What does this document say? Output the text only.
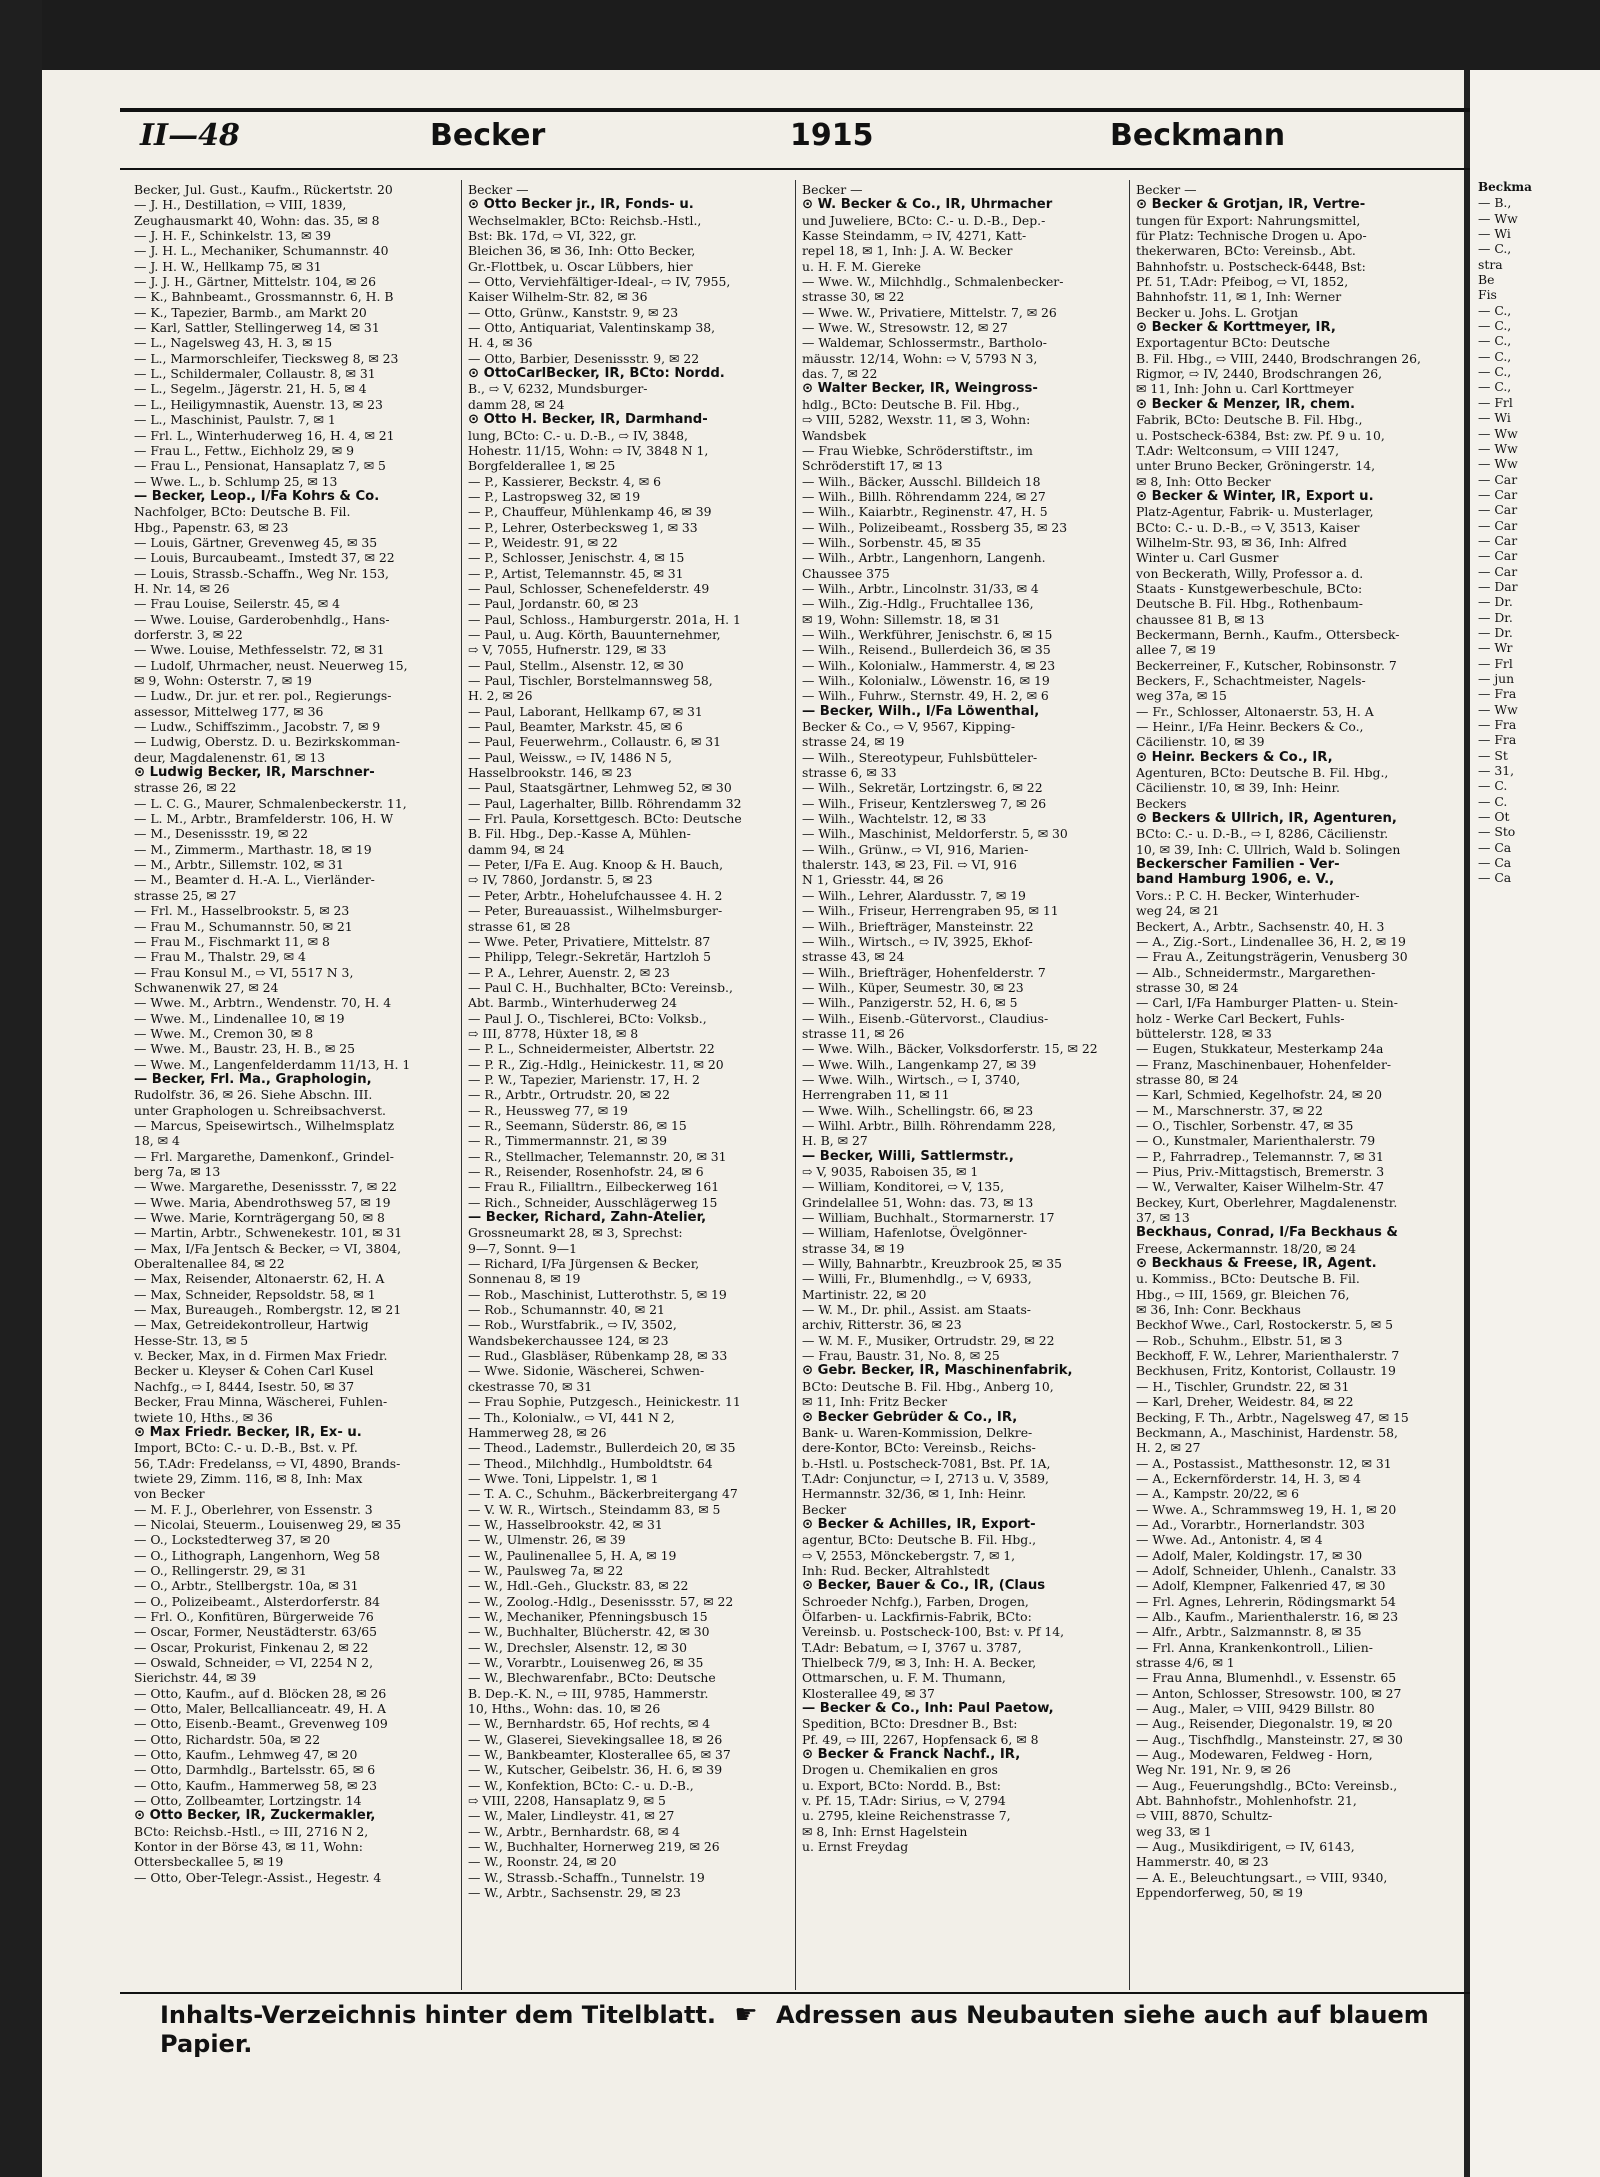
II—48	Becker	1915	Beckmann
Becker, Jul. Gust., Kaufm., Rückertstr. 20
— J. H., Destillation, ⇨ VIII, 1839,
Zeughausmarkt 40, Wohn: das. 35, ✉ 8
— J. H. F., Schinkelstr. 13, ✉ 39
— J. H. L., Mechaniker, Schumannstr. 40
— J. H. W., Hellkamp 75, ✉ 31
— J. J. H., Gärtner, Mittelstr. 104, ✉ 26
— K., Bahnbeamt., Grossmannstr. 6, H. B
— K., Tapezier, Barmb., am Markt 20
— Karl, Sattler, Stellingerweg 14, ✉ 31
— L., Nagelsweg 43, H. 3, ✉ 15
— L., Marmorschleifer, Tiecksweg 8, ✉ 23
— L., Schildermaler, Collaustr. 8, ✉ 31
— L., Segelm., Jägerstr. 21, H. 5, ✉ 4
— L., Heiligymnastik, Auenstr. 13, ✉ 23
— L., Maschinist, Paulstr. 7, ✉ 1
— Frl. L., Winterhuderweg 16, H. 4, ✉ 21
— Frau L., Fettw., Eichholz 29, ✉ 9
— Frau L., Pensionat, Hansaplatz 7, ✉ 5
— Wwe. L., b. Schlump 25, ✉ 13
— Becker, Leop., I/Fa Kohrs & Co.
Nachfolger, BCto: Deutsche B. Fil.
Hbg., Papenstr. 63, ✉ 23
— Louis, Gärtner, Grevenweg 45, ✉ 35
— Louis, Burcaubeamt., Imstedt 37, ✉ 22
— Louis, Strassb.-Schaffn., Weg Nr. 153,
H. Nr. 14, ✉ 26
— Frau Louise, Seilerstr. 45, ✉ 4
— Wwe. Louise, Garderobenhdlg., Hans-
dorferstr. 3, ✉ 22
— Wwe. Louise, Methfesselstr. 72, ✉ 31
— Ludolf, Uhrmacher, neust. Neuerweg 15,
✉ 9, Wohn: Osterstr. 7, ✉ 19
— Ludw., Dr. jur. et rer. pol., Regierungs-
assessor, Mittelweg 177, ✉ 36
— Ludw., Schiffszimm., Jacobstr. 7, ✉ 9
— Ludwig, Oberstz. D. u. Bezirkskomman-
deur, Magdalenenstr. 61, ✉ 13
⊙ Ludwig Becker, IR, Marschner-
strasse 26, ✉ 22
— L. C. G., Maurer, Schmalenbeckerstr. 11,
— L. M., Arbtr., Bramfelderstr. 106, H. W
— M., Desenissstr. 19, ✉ 22
— M., Zimmerm., Marthastr. 18, ✉ 19
— M., Arbtr., Sillemstr. 102, ✉ 31
— M., Beamter d. H.-A. L., Vierländer-
strasse 25, ✉ 27
— Frl. M., Hasselbrookstr. 5, ✉ 23
— Frau M., Schumannstr. 50, ✉ 21
— Frau M., Fischmarkt 11, ✉ 8
— Frau M., Thalstr. 29, ✉ 4
— Frau Konsul M., ⇨ VI, 5517 N 3,
Schwanenwik 27, ✉ 24
— Wwe. M., Arbtrn., Wendenstr. 70, H. 4
— Wwe. M., Lindenallee 10, ✉ 19
— Wwe. M., Cremon 30, ✉ 8
— Wwe. M., Baustr. 23, H. B., ✉ 25
— Wwe. M., Langenfelderdamm 11/13, H. 1
— Becker, Frl. Ma., Graphologin,
Rudolfstr. 36, ✉ 26. Siehe Abschn. III.
unter Graphologen u. Schreibsachverst.
— Marcus, Speisewirtsch., Wilhelmsplatz
18, ✉ 4
— Frl. Margarethe, Damenkonf., Grindel-
berg 7a, ✉ 13
— Wwe. Margarethe, Desenissstr. 7, ✉ 22
— Wwe. Maria, Abendrothsweg 57, ✉ 19
— Wwe. Marie, Kornträgergang 50, ✉ 8
— Martin, Arbtr., Schwenekestr. 101, ✉ 31
— Max, I/Fa Jentsch & Becker, ⇨ VI, 3804,
Oberaltenallee 84, ✉ 22
— Max, Reisender, Altonaerstr. 62, H. A
— Max, Schneider, Repsoldstr. 58, ✉ 1
— Max, Bureaugeh., Rombergstr. 12, ✉ 21
— Max, Getreidekontrolleur, Hartwig
Hesse-Str. 13, ✉ 5
v. Becker, Max, in d. Firmen Max Friedr.
Becker u. Kleyser & Cohen Carl Kusel
Nachfg., ⇨ I, 8444, Isestr. 50, ✉ 37
Becker, Frau Minna, Wäscherei, Fuhlen-
twiete 10, Hths., ✉ 36
⊙ Max Friedr. Becker, IR, Ex- u.
Import, BCto: C.- u. D.-B., Bst. v. Pf.
56, T.Adr: Fredelanss, ⇨ VI, 4890, Brands-
twiete 29, Zimm. 116, ✉ 8, Inh: Max
von Becker
— M. F. J., Oberlehrer, von Essenstr. 3
— Nicolai, Steuerm., Louisenweg 29, ✉ 35
— O., Lockstedterweg 37, ✉ 20
— O., Lithograph, Langenhorn, Weg 58
— O., Rellingerstr. 29, ✉ 31
— O., Arbtr., Stellbergstr. 10a, ✉ 31
— O., Polizeibeamt., Alsterdorferstr. 84
— Frl. O., Konfitüren, Bürgerweide 76
— Oscar, Former, Neustädterstr. 63/65
— Oscar, Prokurist, Finkenau 2, ✉ 22
— Oswald, Schneider, ⇨ VI, 2254 N 2,
Sierichstr. 44, ✉ 39
— Otto, Kaufm., auf d. Blöcken 28, ✉ 26
— Otto, Maler, Bellcallianceatr. 49, H. A
— Otto, Eisenb.-Beamt., Grevenweg 109
— Otto, Richardstr. 50a, ✉ 22
— Otto, Kaufm., Lehmweg 47, ✉ 20
— Otto, Darmhdlg., Bartelsstr. 65, ✉ 6
— Otto, Kaufm., Hammerweg 58, ✉ 23
— Otto, Zollbeamter, Lortzingstr. 14
⊙ Otto Becker, IR, Zuckermakler,
BCto: Reichsb.-Hstl., ⇨ III, 2716 N 2,
Kontor in der Börse 43, ✉ 11, Wohn:
Ottersbeckallee 5, ✉ 19
— Otto, Ober-Telegr.-Assist., Hegestr. 4
Becker —
⊙ Otto Becker jr., IR, Fonds- u.
Wechselmakler, BCto: Reichsb.-Hstl.,
Bst: Bk. 17d, ⇨ VI, 322, gr.
Bleichen 36, ✉ 36, Inh: Otto Becker,
Gr.-Flottbek, u. Oscar Lübbers, hier
— Otto, Verviehfältiger-Ideal-, ⇨ IV, 7955,
Kaiser Wilhelm-Str. 82, ✉ 36
— Otto, Grünw., Kanststr. 9, ✉ 23
— Otto, Antiquariat, Valentinskamp 38,
H. 4, ✉ 36
— Otto, Barbier, Desenissstr. 9, ✉ 22
⊙ OttoCarlBecker, IR, BCto: Nordd.
B., ⇨ V, 6232, Mundsburger-
damm 28, ✉ 24
⊙ Otto H. Becker, IR, Darmhand-
lung, BCto: C.- u. D.-B., ⇨ IV, 3848,
Hohestr. 11/15, Wohn: ⇨ IV, 3848 N 1,
Borgfelderallee 1, ✉ 25
— P., Kassierer, Beckstr. 4, ✉ 6
— P., Lastropsweg 32, ✉ 19
— P., Chauffeur, Mühlenkamp 46, ✉ 39
— P., Lehrer, Osterbecksweg 1, ✉ 33
— P., Weidestr. 91, ✉ 22
— P., Schlosser, Jenischstr. 4, ✉ 15
— P., Artist, Telemannstr. 45, ✉ 31
— Paul, Schlosser, Schenefelderstr. 49
— Paul, Jordanstr. 60, ✉ 23
— Paul, Schloss., Hamburgerstr. 201a, H. 1
— Paul, u. Aug. Körth, Bauunternehmer,
⇨ V, 7055, Hufnerstr. 129, ✉ 33
— Paul, Stellm., Alsenstr. 12, ✉ 30
— Paul, Tischler, Borstelmannsweg 58,
H. 2, ✉ 26
— Paul, Laborant, Hellkamp 67, ✉ 31
— Paul, Beamter, Markstr. 45, ✉ 6
— Paul, Feuerwehrm., Collaustr. 6, ✉ 31
— Paul, Weissw., ⇨ IV, 1486 N 5,
Hasselbrookstr. 146, ✉ 23
— Paul, Staatsgärtner, Lehmweg 52, ✉ 30
— Paul, Lagerhalter, Billb. Röhrendamm 32
— Frl. Paula, Korsettgesch. BCto: Deutsche
B. Fil. Hbg., Dep.-Kasse A, Mühlen-
damm 94, ✉ 24
— Peter, I/Fa E. Aug. Knoop & H. Bauch,
⇨ IV, 7860, Jordanstr. 5, ✉ 23
— Peter, Arbtr., Hohelufchaussee 4. H. 2
— Peter, Bureauassist., Wilhelmsburger-
strasse 61, ✉ 28
— Wwe. Peter, Privatiere, Mittelstr. 87
— Philipp, Telegr.-Sekretär, Hartzloh 5
— P. A., Lehrer, Auenstr. 2, ✉ 23
— Paul C. H., Buchhalter, BCto: Vereinsb.,
Abt. Barmb., Winterhuderweg 24
— Paul J. O., Tischlerei, BCto: Volksb.,
⇨ III, 8778, Hüxter 18, ✉ 8
— P. L., Schneidermeister, Albertstr. 22
— P. R., Zig.-Hdlg., Heinickestr. 11, ✉ 20
— P. W., Tapezier, Marienstr. 17, H. 2
— R., Arbtr., Ortrudstr. 20, ✉ 22
— R., Heussweg 77, ✉ 19
— R., Seemann, Süderstr. 86, ✉ 15
— R., Timmermannstr. 21, ✉ 39
— R., Stellmacher, Telemannstr. 20, ✉ 31
— R., Reisender, Rosenhofstr. 24, ✉ 6
— Frau R., Filialltrn., Eilbeckerweg 161
— Rich., Schneider, Ausschlägerweg 15
— Becker, Richard, Zahn-Atelier,
Grossneumarkt 28, ✉ 3, Sprechst:
9—7, Sonnt. 9—1
— Richard, I/Fa Jürgensen & Becker,
Sonnenau 8, ✉ 19
— Rob., Maschinist, Lutterothstr. 5, ✉ 19
— Rob., Schumannstr. 40, ✉ 21
— Rob., Wurstfabrik., ⇨ IV, 3502,
Wandsbekerchaussee 124, ✉ 23
— Rud., Glasbläser, Rübenkamp 28, ✉ 33
— Wwe. Sidonie, Wäscherei, Schwen-
ckestrasse 70, ✉ 31
— Frau Sophie, Putzgesch., Heinickestr. 11
— Th., Kolonialw., ⇨ VI, 441 N 2,
Hammerweg 28, ✉ 26
— Theod., Lademstr., Bullerdeich 20, ✉ 35
— Theod., Milchhdlg., Humboldtstr. 64
— Wwe. Toni, Lippelstr. 1, ✉ 1
— T. A. C., Schuhm., Bäckerbreitergang 47
— V. W. R., Wirtsch., Steindamm 83, ✉ 5
— W., Hasselbrookstr. 42, ✉ 31
— W., Ulmenstr. 26, ✉ 39
— W., Paulinenallee 5, H. A, ✉ 19
— W., Paulsweg 7a, ✉ 22
— W., Hdl.-Geh., Gluckstr. 83, ✉ 22
— W., Zoolog.-Hdlg., Desenissstr. 57, ✉ 22
— W., Mechaniker, Pfenningsbusch 15
— W., Buchhalter, Blücherstr. 42, ✉ 30
— W., Drechsler, Alsenstr. 12, ✉ 30
— W., Vorarbtr., Louisenweg 26, ✉ 35
— W., Blechwarenfabr., BCto: Deutsche
B. Dep.-K. N., ⇨ III, 9785, Hammerstr.
10, Hths., Wohn: das. 10, ✉ 26
— W., Bernhardstr. 65, Hof rechts, ✉ 4
— W., Glaserei, Sievekingsallee 18, ✉ 26
— W., Bankbeamter, Klosterallee 65, ✉ 37
— W., Kutscher, Geibelstr. 36, H. 6, ✉ 39
— W., Konfektion, BCto: C.- u. D.-B.,
⇨ VIII, 2208, Hansaplatz 9, ✉ 5
— W., Maler, Lindleystr. 41, ✉ 27
— W., Arbtr., Bernhardstr. 68, ✉ 4
— W., Buchhalter, Hornerweg 219, ✉ 26
— W., Roonstr. 24, ✉ 20
— W., Strassb.-Schaffn., Tunnelstr. 19
— W., Arbtr., Sachsenstr. 29, ✉ 23
Becker —
⊙ W. Becker & Co., IR, Uhrmacher
und Juweliere, BCto: C.- u. D.-B., Dep.-
Kasse Steindamm, ⇨ IV, 4271, Katt-
repel 18, ✉ 1, Inh: J. A. W. Becker
u. H. F. M. Giereke
— Wwe. W., Milchhdlg., Schmalenbecker-
strasse 30, ✉ 22
— Wwe. W., Privatiere, Mittelstr. 7, ✉ 26
— Wwe. W., Stresowstr. 12, ✉ 27
— Waldemar, Schlossermstr., Bartholo-
mäusstr. 12/14, Wohn: ⇨ V, 5793 N 3,
das. 7, ✉ 22
⊙ Walter Becker, IR, Weingross-
hdlg., BCto: Deutsche B. Fil. Hbg.,
⇨ VIII, 5282, Wexstr. 11, ✉ 3, Wohn:
Wandsbek
— Frau Wiebke, Schröderstiftstr., im
Schröderstift 17, ✉ 13
— Wilh., Bäcker, Ausschl. Billdeich 18
— Wilh., Billh. Röhrendamm 224, ✉ 27
— Wilh., Kaiarbtr., Reginenstr. 47, H. 5
— Wilh., Polizeibeamt., Rossberg 35, ✉ 23
— Wilh., Sorbenstr. 45, ✉ 35
— Wilh., Arbtr., Langenhorn, Langenh.
Chaussee 375
— Wilh., Arbtr., Lincolnstr. 31/33, ✉ 4
— Wilh., Zig.-Hdlg., Fruchtallee 136,
✉ 19, Wohn: Sillemstr. 18, ✉ 31
— Wilh., Werkführer, Jenischstr. 6, ✉ 15
— Wilh., Reisend., Bullerdeich 36, ✉ 35
— Wilh., Kolonialw., Hammerstr. 4, ✉ 23
— Wilh., Kolonialw., Löwenstr. 16, ✉ 19
— Wilh., Fuhrw., Sternstr. 49, H. 2, ✉ 6
— Becker, Wilh., I/Fa Löwenthal,
Becker & Co., ⇨ V, 9567, Kipping-
strasse 24, ✉ 19
— Wilh., Stereotypeur, Fuhlsbütteler-
strasse 6, ✉ 33
— Wilh., Sekretär, Lortzingstr. 6, ✉ 22
— Wilh., Friseur, Kentzlersweg 7, ✉ 26
— Wilh., Wachtelstr. 12, ✉ 33
— Wilh., Maschinist, Meldorferstr. 5, ✉ 30
— Wilh., Grünw., ⇨ VI, 916, Marien-
thalerstr. 143, ✉ 23, Fil. ⇨ VI, 916
N 1, Griesstr. 44, ✉ 26
— Wilh., Lehrer, Alardusstr. 7, ✉ 19
— Wilh., Friseur, Herrengraben 95, ✉ 11
— Wilh., Briefträger, Mansteinstr. 22
— Wilh., Wirtsch., ⇨ IV, 3925, Ekhof-
strasse 43, ✉ 24
— Wilh., Briefträger, Hohenfelderstr. 7
— Wilh., Küper, Seumestr. 30, ✉ 23
— Wilh., Panzigerstr. 52, H. 6, ✉ 5
— Wilh., Eisenb.-Gütervorst., Claudius-
strasse 11, ✉ 26
— Wwe. Wilh., Bäcker, Volksdorferstr. 15, ✉ 22
— Wwe. Wilh., Langenkamp 27, ✉ 39
— Wwe. Wilh., Wirtsch., ⇨ I, 3740,
Herrengraben 11, ✉ 11
— Wwe. Wilh., Schellingstr. 66, ✉ 23
— Wilhl. Arbtr., Billh. Röhrendamm 228,
H. B, ✉ 27
— Becker, Willi, Sattlermstr.,
⇨ V, 9035, Raboisen 35, ✉ 1
— William, Konditorei, ⇨ V, 135,
Grindelallee 51, Wohn: das. 73, ✉ 13
— William, Buchhalt., Stormarnerstr. 17
— William, Hafenlotse, Övelgönner-
strasse 34, ✉ 19
— Willy, Bahnarbtr., Kreuzbrook 25, ✉ 35
— Willi, Fr., Blumenhdlg., ⇨ V, 6933,
Martinistr. 22, ✉ 20
— W. M., Dr. phil., Assist. am Staats-
archiv, Ritterstr. 36, ✉ 23
— W. M. F., Musiker, Ortrudstr. 29, ✉ 22
— Frau, Baustr. 31, No. 8, ✉ 25
⊙ Gebr. Becker, IR, Maschinenfabrik,
BCto: Deutsche B. Fil. Hbg., Anberg 10,
✉ 11, Inh: Fritz Becker
⊙ Becker Gebrüder & Co., IR,
Bank- u. Waren-Kommission, Delkre-
dere-Kontor, BCto: Vereinsb., Reichs-
b.-Hstl. u. Postscheck-7081, Bst. Pf. 1A,
T.Adr: Conjunctur, ⇨ I, 2713 u. V, 3589,
Hermannstr. 32/36, ✉ 1, Inh: Heinr.
Becker
⊙ Becker & Achilles, IR, Export-
agentur, BCto: Deutsche B. Fil. Hbg.,
⇨ V, 2553, Mönckebergstr. 7, ✉ 1,
Inh: Rud. Becker, Altrahlstedt
⊙ Becker, Bauer & Co., IR, (Claus
Schroeder Nchfg.), Farben, Drogen,
Ölfarben- u. Lackfirnis-Fabrik, BCto:
Vereinsb. u. Postscheck-100, Bst: v. Pf 14,
T.Adr: Bebatum, ⇨ I, 3767 u. 3787,
Thielbeck 7/9, ✉ 3, Inh: H. A. Becker,
Ottmarschen, u. F. M. Thumann,
Klosterallee 49, ✉ 37
— Becker & Co., Inh: Paul Paetow,
Spedition, BCto: Dresdner B., Bst:
Pf. 49, ⇨ III, 2267, Hopfensack 6, ✉ 8
⊙ Becker & Franck Nachf., IR,
Drogen u. Chemikalien en gros
u. Export, BCto: Nordd. B., Bst:
v. Pf. 15, T.Adr: Sirius, ⇨ V, 2794
u. 2795, kleine Reichenstrasse 7,
✉ 8, Inh: Ernst Hagelstein
u. Ernst Freydag
Becker —
⊙ Becker & Grotjan, IR, Vertre-
tungen für Export: Nahrungsmittel,
für Platz: Technische Drogen u. Apo-
thekerwaren, BCto: Vereinsb., Abt.
Bahnhofstr. u. Postscheck-6448, Bst:
Pf. 51, T.Adr: Pfeibog, ⇨ VI, 1852,
Bahnhofstr. 11, ✉ 1, Inh: Werner
Becker u. Johs. L. Grotjan
⊙ Becker & Korttmeyer, IR,
Exportagentur BCto: Deutsche
B. Fil. Hbg., ⇨ VIII, 2440, Brodschrangen 26,
Rigmor, ⇨ IV, 2440, Brodschrangen 26,
✉ 11, Inh: John u. Carl Korttmeyer
⊙ Becker & Menzer, IR, chem.
Fabrik, BCto: Deutsche B. Fil. Hbg.,
u. Postscheck-6384, Bst: zw. Pf. 9 u. 10,
T.Adr: Weltconsum, ⇨ VIII 1247,
unter Bruno Becker, Gröningerstr. 14,
✉ 8, Inh: Otto Becker
⊙ Becker & Winter, IR, Export u.
Platz-Agentur, Fabrik- u. Musterlager,
BCto: C.- u. D.-B., ⇨ V, 3513, Kaiser
Wilhelm-Str. 93, ✉ 36, Inh: Alfred
Winter u. Carl Gusmer
von Beckerath, Willy, Professor a. d.
Staats - Kunstgewerbeschule, BCto:
Deutsche B. Fil. Hbg., Rothenbaum-
chaussee 81 B, ✉ 13
Beckermann, Bernh., Kaufm., Ottersbeck-
allee 7, ✉ 19
Beckerreiner, F., Kutscher, Robinsonstr. 7
Beckers, F., Schachtmeister, Nagels-
weg 37a, ✉ 15
— Fr., Schlosser, Altonaerstr. 53, H. A
— Heinr., I/Fa Heinr. Beckers & Co.,
Cäcilienstr. 10, ✉ 39
⊙ Heinr. Beckers & Co., IR,
Agenturen, BCto: Deutsche B. Fil. Hbg.,
Cäcilienstr. 10, ✉ 39, Inh: Heinr.
Beckers
⊙ Beckers & Ullrich, IR, Agenturen,
BCto: C.- u. D.-B., ⇨ I, 8286, Cäcilienstr.
10, ✉ 39, Inh: C. Ullrich, Wald b. Solingen
Beckerscher Familien - Ver-
band Hamburg 1906, e. V.,
Vors.: P. C. H. Becker, Winterhuder-
weg 24, ✉ 21
Beckert, A., Arbtr., Sachsenstr. 40, H. 3
— A., Zig.-Sort., Lindenallee 36, H. 2, ✉ 19
— Frau A., Zeitungsträgerin, Venusberg 30
— Alb., Schneidermstr., Margarethen-
strasse 30, ✉ 24
— Carl, I/Fa Hamburger Platten- u. Stein-
holz - Werke Carl Beckert, Fuhls-
büttelerstr. 128, ✉ 33
— Eugen, Stukkateur, Mesterkamp 24a
— Franz, Maschinenbauer, Hohenfelder-
strasse 80, ✉ 24
— Karl, Schmied, Kegelhofstr. 24, ✉ 20
— M., Marschnerstr. 37, ✉ 22
— O., Tischler, Sorbenstr. 47, ✉ 35
— O., Kunstmaler, Marienthalerstr. 79
— P., Fahrradrep., Telemannstr. 7, ✉ 31
— Pius, Priv.-Mittagstisch, Bremerstr. 3
— W., Verwalter, Kaiser Wilhelm-Str. 47
Beckey, Kurt, Oberlehrer, Magdalenenstr.
37, ✉ 13
Beckhaus, Conrad, I/Fa Beckhaus &
Freese, Ackermannstr. 18/20, ✉ 24
⊙ Beckhaus & Freese, IR, Agent.
u. Kommiss., BCto: Deutsche B. Fil.
Hbg., ⇨ III, 1569, gr. Bleichen 76,
✉ 36, Inh: Conr. Beckhaus
Beckhof Wwe., Carl, Rostockerstr. 5, ✉ 5
— Rob., Schuhm., Elbstr. 51, ✉ 3
Beckhoff, F. W., Lehrer, Marienthalerstr. 7
Beckhusen, Fritz, Kontorist, Collaustr. 19
— H., Tischler, Grundstr. 22, ✉ 31
— Karl, Dreher, Weidestr. 84, ✉ 22
Becking, F. Th., Arbtr., Nagelsweg 47, ✉ 15
Beckmann, A., Maschinist, Hardenstr. 58,
H. 2, ✉ 27
— A., Postassist., Matthesonstr. 12, ✉ 31
— A., Eckernförderstr. 14, H. 3, ✉ 4
— A., Kampstr. 20/22, ✉ 6
— Wwe. A., Schrammsweg 19, H. 1, ✉ 20
— Ad., Vorarbtr., Hornerlandstr. 303
— Wwe. Ad., Antonistr. 4, ✉ 4
— Adolf, Maler, Koldingstr. 17, ✉ 30
— Adolf, Schneider, Uhlenh., Canalstr. 33
— Adolf, Klempner, Falkenried 47, ✉ 30
— Frl. Agnes, Lehrerin, Rödingsmarkt 54
— Alb., Kaufm., Marienthalerstr. 16, ✉ 23
— Alfr., Arbtr., Salzmannstr. 8, ✉ 35
— Frl. Anna, Krankenkontroll., Lilien-
strasse 4/6, ✉ 1
— Frau Anna, Blumenhdl., v. Essenstr. 65
— Anton, Schlosser, Stresowstr. 100, ✉ 27
— Aug., Maler, ⇨ VIII, 9429 Billstr. 80
— Aug., Reisender, Diegonalstr. 19, ✉ 20
— Aug., Tischfhdlg., Mansteinstr. 27, ✉ 30
— Aug., Modewaren, Feldweg - Horn,
Weg Nr. 191, Nr. 9, ✉ 26
— Aug., Feuerungshdlg., BCto: Vereinsb.,
Abt. Bahnhofstr., Mohlenhofstr. 21,
⇨ VIII, 8870, Schultz-
weg 33, ✉ 1
— Aug., Musikdirigent, ⇨ IV, 6143,
Hammerstr. 40, ✉ 23
— A. E., Beleuchtungsart., ⇨ VIII, 9340,
Eppendorferweg, 50, ✉ 19
Beckma
— B.,
— Ww
— Wi
— C.,
stra
Be
Fis
— C.,
— C.,
— C.,
— C.,
— C.,
— C.,
— Frl
— Wi
— Ww
— Ww
— Ww
— Car
— Car
— Car
— Car
— Car
— Car
— Car
— Dar
— Dr.
— Dr.
— Dr.
— Wr
— Frl
— jun
— Fra
— Ww
— Fra
— Fra
— St
— 31,
— C.
— C.
— Ot
— Sto
— Ca
— Ca
— Ca
Inhalts-Verzeichnis hinter dem Titelblatt. ☛ Adressen aus Neubauten siehe auch auf blauem Papier.
